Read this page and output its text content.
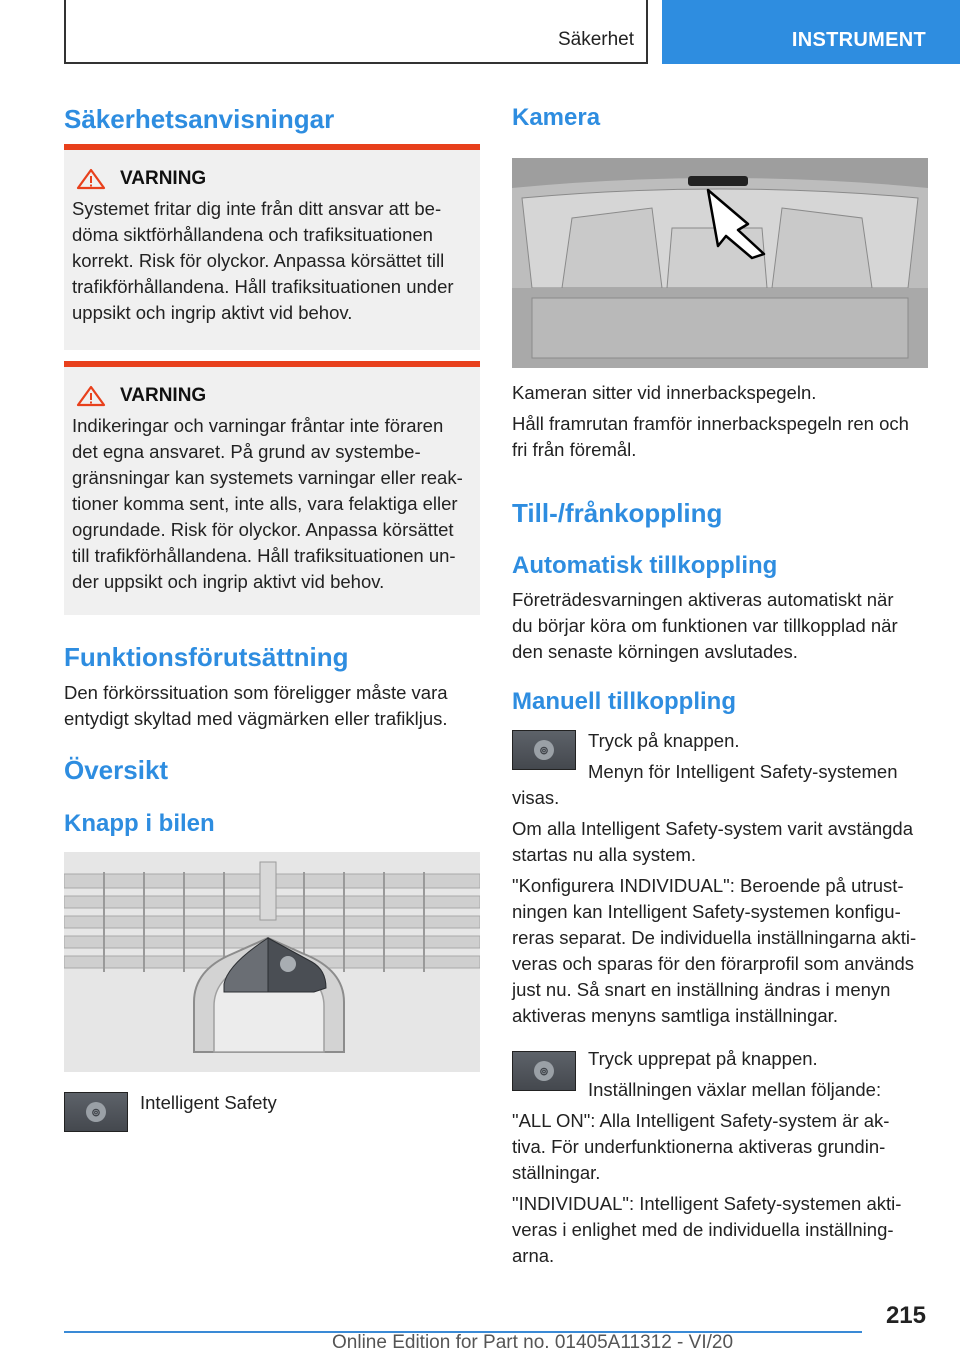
Säkerhet	INSTRUMENT
Säkerhetsanvisningar
VARNING

Systemet fritar dig inte från ditt ansvar att be-
döma siktförhållandena och trafiksituationen
korrekt. Risk för olyckor. Anpassa körsättet till
trafikförhållandena. Håll trafiksituationen under
uppsikt och ingrip aktivt vid behov.

VARNING

Indikeringar och varningar fråntar inte föraren
det egna ansvaret. På grund av systembe-
gränsningar kan systemets varningar eller reak-
tioner komma sent, inte alls, vara felaktiga eller
ogrundade. Risk för olyckor. Anpassa körsättet
till trafikförhållandena. Håll trafiksituationen un-
der uppsikt och ingrip aktivt vid behov.

Funktionsförutsättning

Den förkörssituation som föreligger måste vara
entydigt skyltad med vägmärken eller trafikljus.

Översikt
Knapp i bilen
⊚ Intelligent Safety

Kamera

Kameran sitter vid innerbackspegeln.

Håll framrutan framför innerbackspegeln ren och
fri från föremål.

Till-/frånkoppling
Automatisk tillkoppling

Företrädesvarningen aktiveras automatiskt när
du börjar köra om funktionen var tillkopplad när
den senaste körningen avslutades.

Manuell tillkoppling
⊚ Tryck på knappen.

Menyn för Intelligent Safety-systemen

visas.

Om alla Intelligent Safety-system varit avstängda
startas nu alla system.

"Konfigurera INDIVIDUAL": Beroende på utrust-
ningen kan Intelligent Safety-systemen konfigu-
reras separat. De individuella inställningarna akti-
veras och sparas för den förarprofil som används
just nu. Så snart en inställning ändras i menyn
aktiveras menyns samtliga inställningar.

⊚

Tryck upprepat på knappen.

Inställningen växlar mellan följande:

"ALL ON": Alla Intelligent Safety-system är ak-
tiva. För underfunktionerna aktiveras grundin-
ställningar.

"INDIVIDUAL": Intelligent Safety-systemen akti-
veras i enlighet med de individuella inställning-
arna.

215
Online Edition for Part no. 01405A11312 - VI/20
